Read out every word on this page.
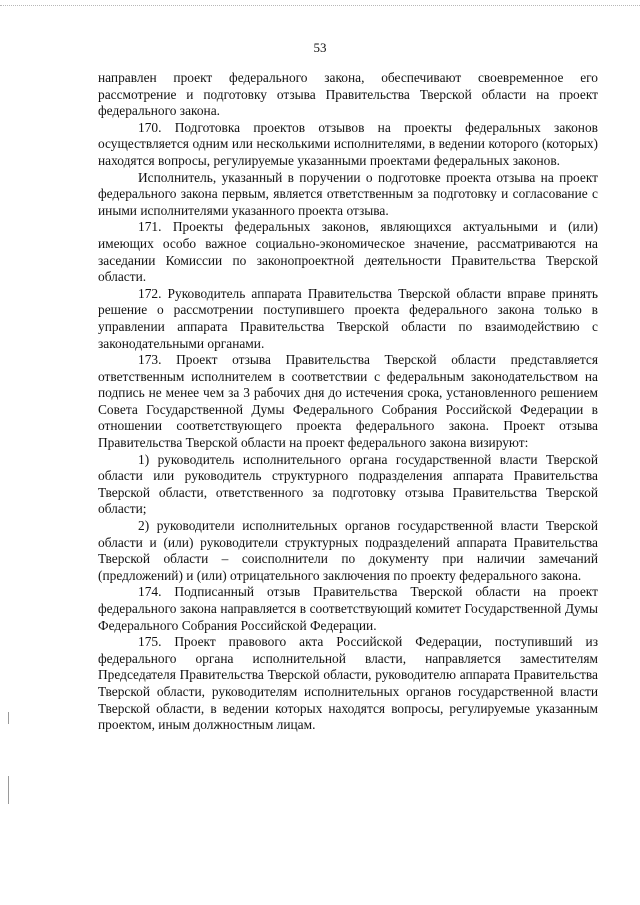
53

направлен проект федерального закона, обеспечивают своевременное его рассмотрение и подготовку отзыва Правительства Тверской области на проект федерального закона.

170. Подготовка проектов отзывов на проекты федеральных законов осуществляется одним или несколькими исполнителями, в ведении которого (которых) находятся вопросы, регулируемые указанными проектами федеральных законов.

Исполнитель, указанный в поручении о подготовке проекта отзыва на проект федерального закона первым, является ответственным за подготовку и согласование с иными исполнителями указанного проекта отзыва.

171. Проекты федеральных законов, являющихся актуальными и (или) имеющих особо важное социально-экономическое значение, рассматриваются на заседании Комиссии по законопроектной деятельности Правительства Тверской области.

172. Руководитель аппарата Правительства Тверской области вправе принять решение о рассмотрении поступившего проекта федерального закона только в управлении аппарата Правительства Тверской области по взаимодействию с законодательными органами.

173. Проект отзыва Правительства Тверской области представляется ответственным исполнителем в соответствии с федеральным законодательством на подпись не менее чем за 3 рабочих дня до истечения срока, установленного решением Совета Государственной Думы Федерального Собрания Российской Федерации в отношении соответствующего проекта федерального закона. Проект отзыва Правительства Тверской области на проект федерального закона визируют:

1) руководитель исполнительного органа государственной власти Тверской области или руководитель структурного подразделения аппарата Правительства Тверской области, ответственного за подготовку отзыва Правительства Тверской области;

2) руководители исполнительных органов государственной власти Тверской области и (или) руководители структурных подразделений аппарата Правительства Тверской области – соисполнители по документу при наличии замечаний (предложений) и (или) отрицательного заключения по проекту федерального закона.

174. Подписанный отзыв Правительства Тверской области на проект федерального закона направляется в соответствующий комитет Государственной Думы Федерального Собрания Российской Федерации.

175. Проект правового акта Российской Федерации, поступивший из федерального органа исполнительной власти, направляется заместителям Председателя Правительства Тверской области, руководителю аппарата Правительства Тверской области, руководителям исполнительных органов государственной власти Тверской области, в ведении которых находятся вопросы, регулируемые указанным проектом, иным должностным лицам.
